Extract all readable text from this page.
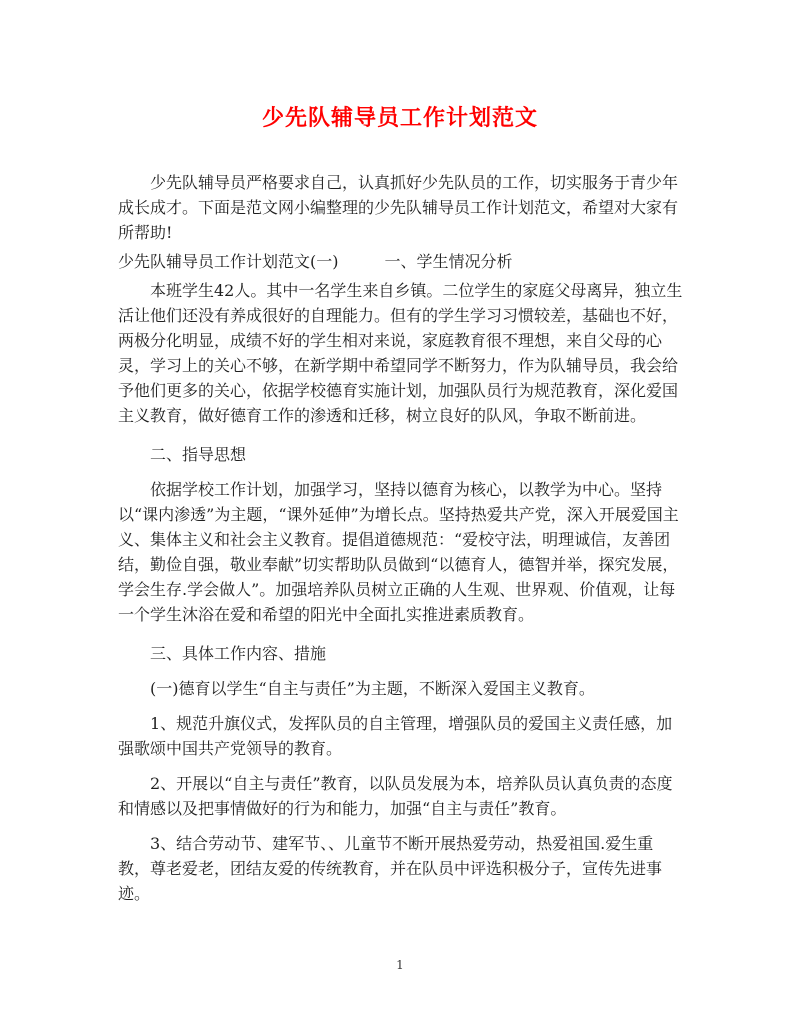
少先队辅导员工作计划范文

少先队辅导员严格要求自己，认真抓好少先队员的工作，切实服务于青少年成长成才。下面是范文网小编整理的少先队辅导员工作计划范文，希望对大家有所帮助!

少先队辅导员工作计划范文(一)	一、学生情况分析

本班学生42人。其中一名学生来自乡镇。二位学生的家庭父母离异，独立生活让他们还没有养成很好的自理能力。但有的学生学习习惯较差，基础也不好，两极分化明显，成绩不好的学生相对来说，家庭教育很不理想，来自父母的心灵，学习上的关心不够，在新学期中希望同学不断努力，作为队辅导员，我会给予他们更多的关心，依据学校德育实施计划，加强队员行为规范教育，深化爱国主义教育，做好德育工作的渗透和迁移，树立良好的队风，争取不断前进。

二、指导思想

依据学校工作计划，加强学习，坚持以德育为核心，以教学为中心。坚持以“课内渗透”为主题，“课外延伸”为增长点。坚持热爱共产党，深入开展爱国主义、集体主义和社会主义教育。提倡道德规范：“爱校守法，明理诚信，友善团结，勤俭自强，敬业奉献”切实帮助队员做到“以德育人，德智并举，探究发展，学会生存.学会做人”。加强培养队员树立正确的人生观、世界观、价值观，让每一个学生沐浴在爱和希望的阳光中全面扎实推进素质教育。

三、具体工作内容、措施

(一)德育以学生“自主与责任”为主题，不断深入爱国主义教育。

1、规范升旗仪式，发挥队员的自主管理，增强队员的爱国主义责任感，加强歌颂中国共产党领导的教育。

2、开展以“自主与责任”教育，以队员发展为本，培养队员认真负责的态度和情感以及把事情做好的行为和能力，加强“自主与责任”教育。

3、结合劳动节、建军节、、儿童节不断开展热爱劳动，热爱祖国.爱生重教，尊老爱老，团结友爱的传统教育，并在队员中评选积极分子，宣传先进事迹。

1
